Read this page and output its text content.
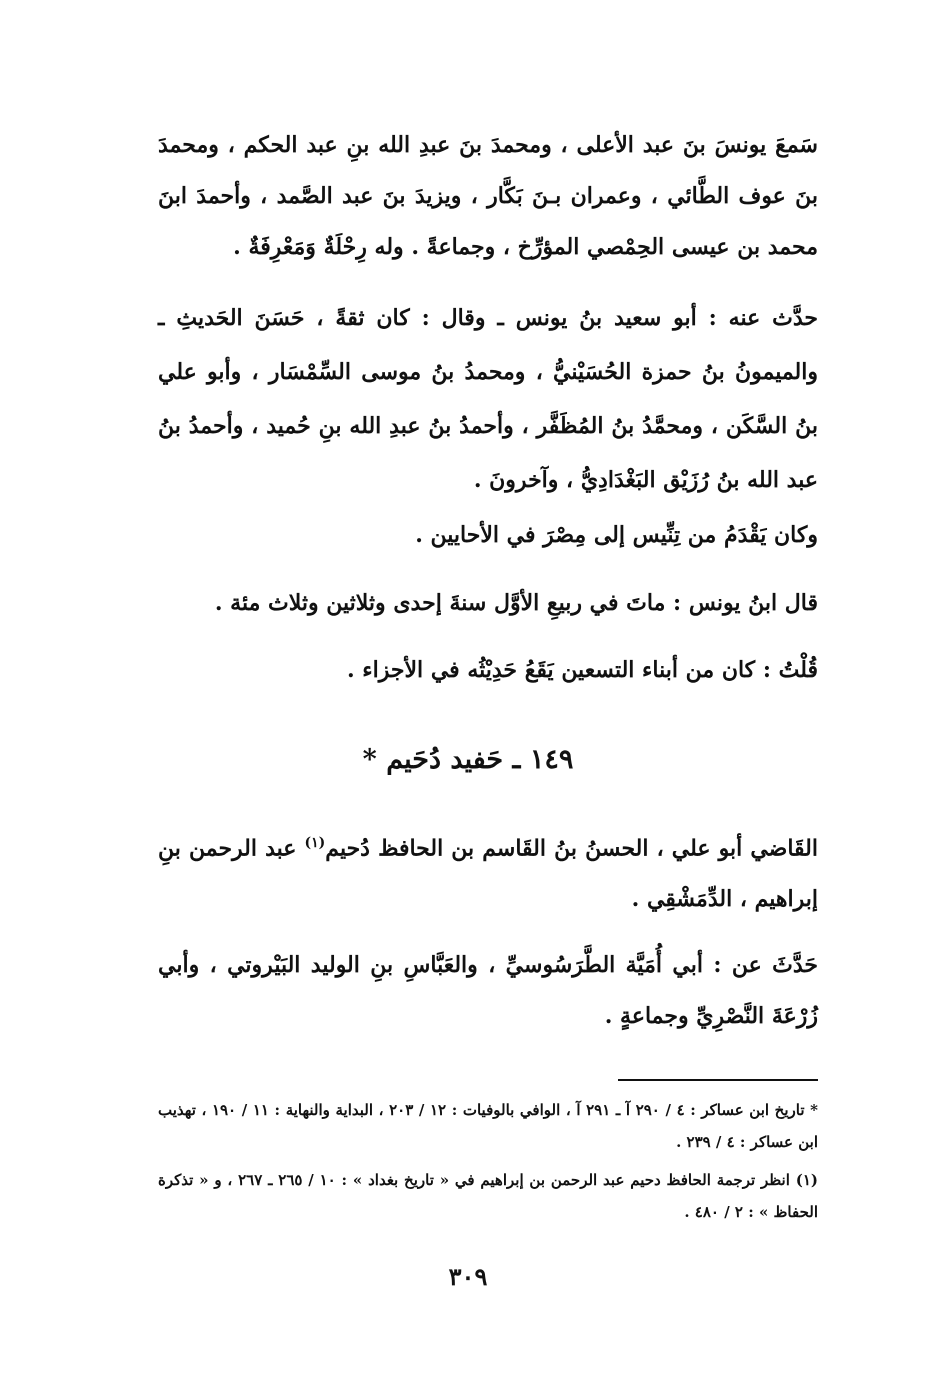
سَمعَ يونسَ بنَ عبد الأعلى ، ومحمدَ بنَ عبدِ الله بنِ عبد الحكم ، ومحمدَ بنَ عوف الطَّائي ، وعمران بـنَ بَكَّار ، ويزيدَ بنَ عبد الصَّمد ، وأحمدَ ابنَ محمد بن عيسى الحِمْصي المؤرِّخ ، وجماعةً . وله رِحْلَةٌ وَمَعْرِفَةٌ .

حدَّث عنه : أبو سعيد بنُ يونس ـ وقال : كان ثقةً ، حَسَنَ الحَديثِ ـ والميمونُ بنُ حمزة الحُسَيْنيُّ ، ومحمدُ بنُ موسى السِّمْسَار ، وأبو علي بنُ السَّكَن ، ومحمَّدُ بنُ المُظَفَّر ، وأحمدُ بنُ عبدِ الله بنِ حُميد ، وأحمدُ بنُ عبد الله بنُ رُزَيْق البَغْدَادِيُّ ، وآخرونَ .

وكان يَقْدَمُ من تِنِّيس إلى مِصْرَ في الأحايين .

قال ابنُ يونس : ماتَ في ربيعِ الأوَّل سنةَ إحدى وثلاثين وثلاث مئة .

قُلْتُ : كان من أبناء التسعين يَقَعُ حَدِيْثُه في الأجزاء .

١٤٩ ـ حَفيد دُحَيم *

القَاضي أبو علي ، الحسنُ بنُ القَاسم بن الحافظ دُحيم$^{(١)}$ عبد الرحمن بنِ إبراهيم ، الدِّمَشْقِي .

حَدَّثَ عن : أبي أُمَيَّة الطَّرَسُوسيِّ ، والعَبَّاسِ بنِ الوليد البَيْروتي ، وأبي زُرْعَةَ النَّصْرِيِّ وجماعةٍ .

* تاريخ ابن عساكر : ٤ / ٢٩٠ آ ـ ٢٩١ آ ، الوافي بالوفيات : ١٢ / ٢٠٣ ، البداية والنهاية : ١١ / ١٩٠ ، تهذيب ابن عساكر : ٤ / ٢٣٩ .

(١) انظر ترجمة الحافظ دحيم عبد الرحمن بن إبراهيم في « تاريخ بغداد » : ١٠ / ٢٦٥ ـ ٢٦٧ ، و « تذكرة الحفاظ » : ٢ / ٤٨٠ .

٣٠٩
